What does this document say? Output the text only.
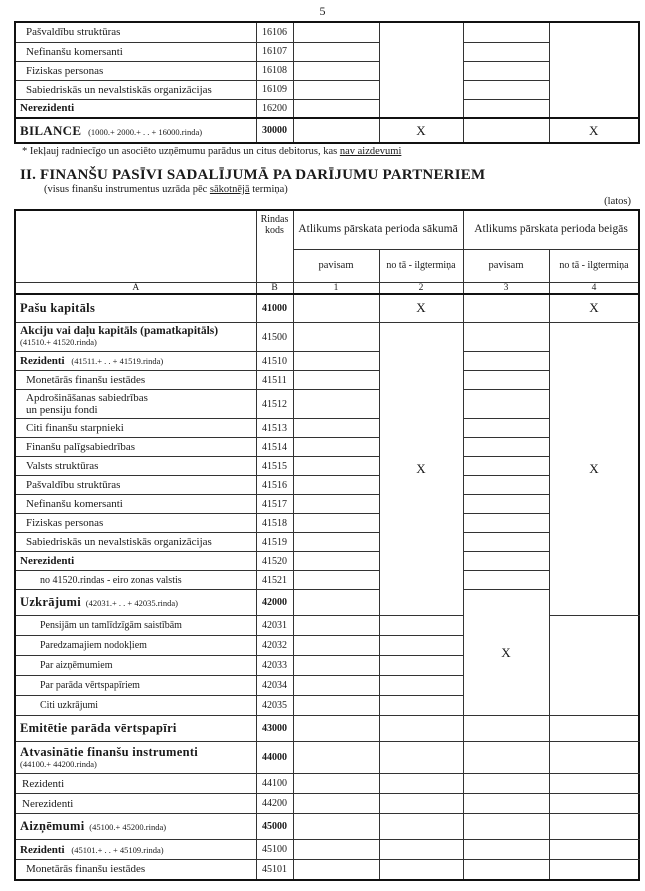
5
Pašvaldību struktūras	16106				
Nefinanšu komersanti	16107				
Fiziskas personas	16108				
Sabiedriskās un nevalstiskās organizācijas	16109				
Nerezidenti	16200				
BILANCE (1000.+ 2000.+ . . + 16000.rinda)	30000		X		X
* Iekļauj radniecīgo un asociēto uzņēmumu parādus un citus debitorus, kas nav aizdevumi
II. FINANŠU PASĪVI SADALĪJUMĀ PA DARĪJUMU PARTNERIEM
(visus finanšu instrumentus uzrāda pēc sākotnējā termiņa)
(latos)
	Rindas kods	Atlikums pārskata perioda sākumā		Atlikums pārskata perioda beigās		
		pavisam	no tā - ilgtermiņa	pavisam	no tā - ilgtermiņa	
A	B	1	2	3	4	
Pašu kapitāls	41000		X		X	

Akciju vai daļu kapitāls (pamatkapitāls)
(41510.+ 41520.rinda)	41500		X		X	
Rezidenti (41511.+ . . + 41519.rinda)	41510					
Monetārās finanšu iestādes	41511					

Apdrošināšanas sabiedrības
un pensiju fondi	41512					
Citi finanšu starpnieki	41513					
Finanšu palīgsabiedrības	41514					
Valsts struktūras	41515					
Pašvaldību struktūras	41516					
Nefinanšu komersanti	41517					
Fiziskas personas	41518					
Sabiedriskās un nevalstiskās organizācijas	41519					
Nerezidenti	41520					
no 41520.rindas - eiro zonas valstis	41521					
Uzkrājumi (42031.+ . . + 42035.rinda)	42000			X		
Pensijām un tamlīdzīgām saistībām	42031					
Paredzamajiem nodokļiem	42032					
Par aizņēmumiem	42033					
Par parāda vērtspapīriem	42034					
Citi uzkrājumi	42035					
Emitētie parāda vērtspapīri	43000					

Atvasinātie finanšu instrumenti
(44100.+ 44200.rinda)	44000					
Rezidenti	44100					
Nerezidenti	44200					
Aizņēmumi (45100.+ 45200.rinda)	45000					
Rezidenti (45101.+ . . + 45109.rinda)	45100					
Monetārās finanšu iestādes	45101					
